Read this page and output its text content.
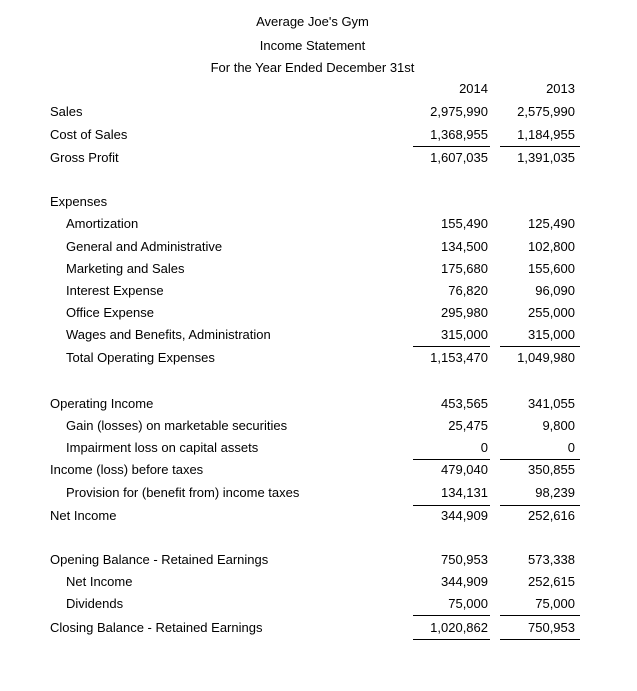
Average Joe's Gym
Income Statement
For the Year Ended December 31st
2014	2013
Sales	2,975,990	2,575,990
Cost of Sales	1,368,955	1,184,955
Gross Profit	1,607,035	1,391,035
Expenses
Amortization	155,490	125,490
General and Administrative	134,500	102,800
Marketing and Sales	175,680	155,600
Interest Expense	76,820	96,090
Office Expense	295,980	255,000
Wages and Benefits, Administration	315,000	315,000
Total Operating Expenses	1,153,470	1,049,980
Operating Income	453,565	341,055
Gain (losses) on marketable securities	25,475	9,800
Impairment loss on capital assets	0	0
Income (loss) before taxes	479,040	350,855
Provision for (benefit from) income taxes	134,131	98,239
Net Income	344,909	252,616
Opening Balance - Retained Earnings	750,953	573,338
Net Income	344,909	252,615
Dividends	75,000	75,000
Closing Balance - Retained Earnings	1,020,862	750,953
